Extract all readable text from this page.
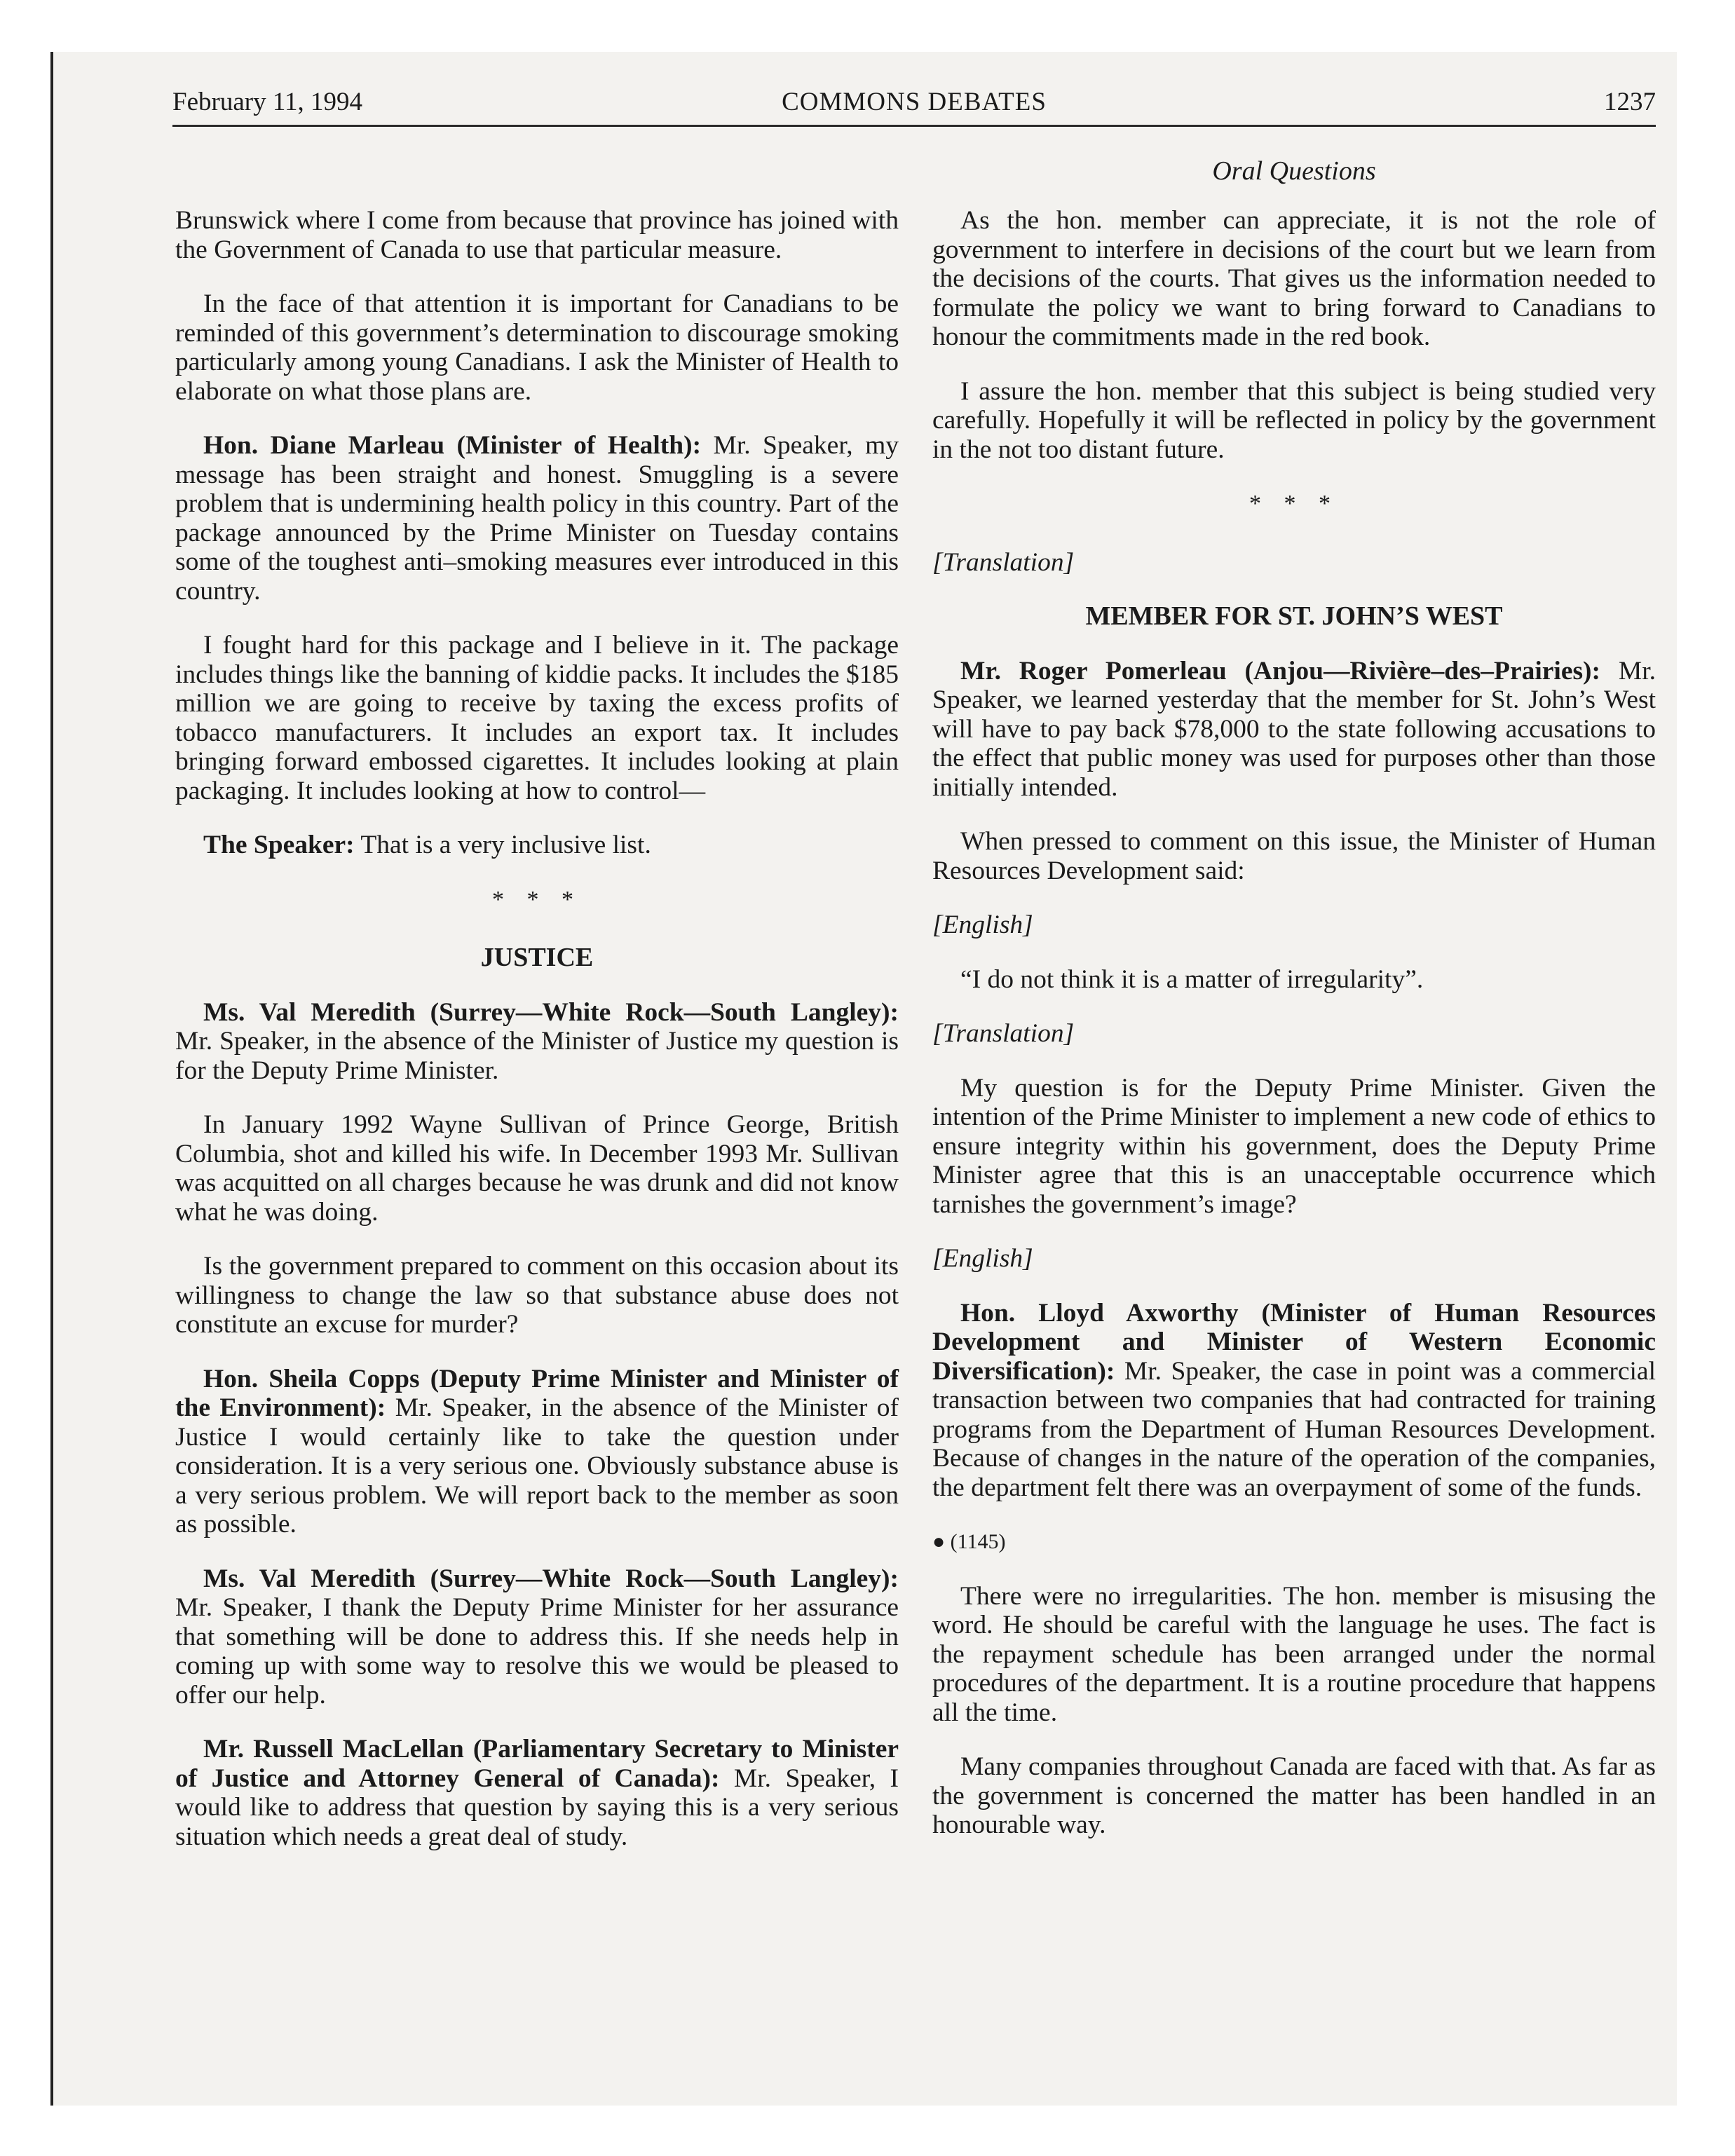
February 11, 1994	COMMONS DEBATES	1237
Oral Questions

Brunswick where I come from because that province has joined with the Government of Canada to use that particular measure.

In the face of that attention it is important for Canadians to be reminded of this government’s determination to discourage smoking particularly among young Canadians. I ask the Minister of Health to elaborate on what those plans are.

Hon. Diane Marleau (Minister of Health): Mr. Speaker, my message has been straight and honest. Smuggling is a severe problem that is undermining health policy in this country. Part of the package announced by the Prime Minister on Tuesday contains some of the toughest anti–smoking measures ever introduced in this country.

I fought hard for this package and I believe in it. The package includes things like the banning of kiddie packs. It includes the $185 million we are going to receive by taxing the excess profits of tobacco manufacturers. It includes an export tax. It includes bringing forward embossed cigarettes. It includes looking at plain packaging. It includes looking at how to control—

The Speaker: That is a very inclusive list.

* * *
JUSTICE

Ms. Val Meredith (Surrey—White Rock—South Langley): Mr. Speaker, in the absence of the Minister of Justice my question is for the Deputy Prime Minister.

In January 1992 Wayne Sullivan of Prince George, British Columbia, shot and killed his wife. In December 1993 Mr. Sullivan was acquitted on all charges because he was drunk and did not know what he was doing.

Is the government prepared to comment on this occasion about its willingness to change the law so that substance abuse does not constitute an excuse for murder?

Hon. Sheila Copps (Deputy Prime Minister and Minister of the Environment): Mr. Speaker, in the absence of the Minister of Justice I would certainly like to take the question under consideration. It is a very serious one. Obviously substance abuse is a very serious problem. We will report back to the member as soon as possible.

Ms. Val Meredith (Surrey—White Rock—South Langley): Mr. Speaker, I thank the Deputy Prime Minister for her assurance that something will be done to address this. If she needs help in coming up with some way to resolve this we would be pleased to offer our help.

Mr. Russell MacLellan (Parliamentary Secretary to Minister of Justice and Attorney General of Canada): Mr. Speaker, I would like to address that question by saying this is a very serious situation which needs a great deal of study.

As the hon. member can appreciate, it is not the role of government to interfere in decisions of the court but we learn from the decisions of the courts. That gives us the information needed to formulate the policy we want to bring forward to Canadians to honour the commitments made in the red book.

I assure the hon. member that this subject is being studied very carefully. Hopefully it will be reflected in policy by the government in the not too distant future.

* * *
[Translation]
MEMBER FOR ST. JOHN’S WEST

Mr. Roger Pomerleau (Anjou—Rivière–des–Prairies): Mr. Speaker, we learned yesterday that the member for St. John’s West will have to pay back $78,000 to the state following accusations to the effect that public money was used for purposes other than those initially intended.

When pressed to comment on this issue, the Minister of Human Resources Development said:

[English]

“I do not think it is a matter of irregularity”.

[Translation]

My question is for the Deputy Prime Minister. Given the intention of the Prime Minister to implement a new code of ethics to ensure integrity within his government, does the Deputy Prime Minister agree that this is an unacceptable occurrence which tarnishes the government’s image?

[English]

Hon. Lloyd Axworthy (Minister of Human Resources Development and Minister of Western Economic Diversification): Mr. Speaker, the case in point was a commercial transaction between two companies that had contracted for training programs from the Department of Human Resources Development. Because of changes in the nature of the operation of the companies, the department felt there was an overpayment of some of the funds.

● (1145)

There were no irregularities. The hon. member is misusing the word. He should be careful with the language he uses. The fact is the repayment schedule has been arranged under the normal procedures of the department. It is a routine procedure that happens all the time.

Many companies throughout Canada are faced with that. As far as the government is concerned the matter has been handled in an honourable way.
